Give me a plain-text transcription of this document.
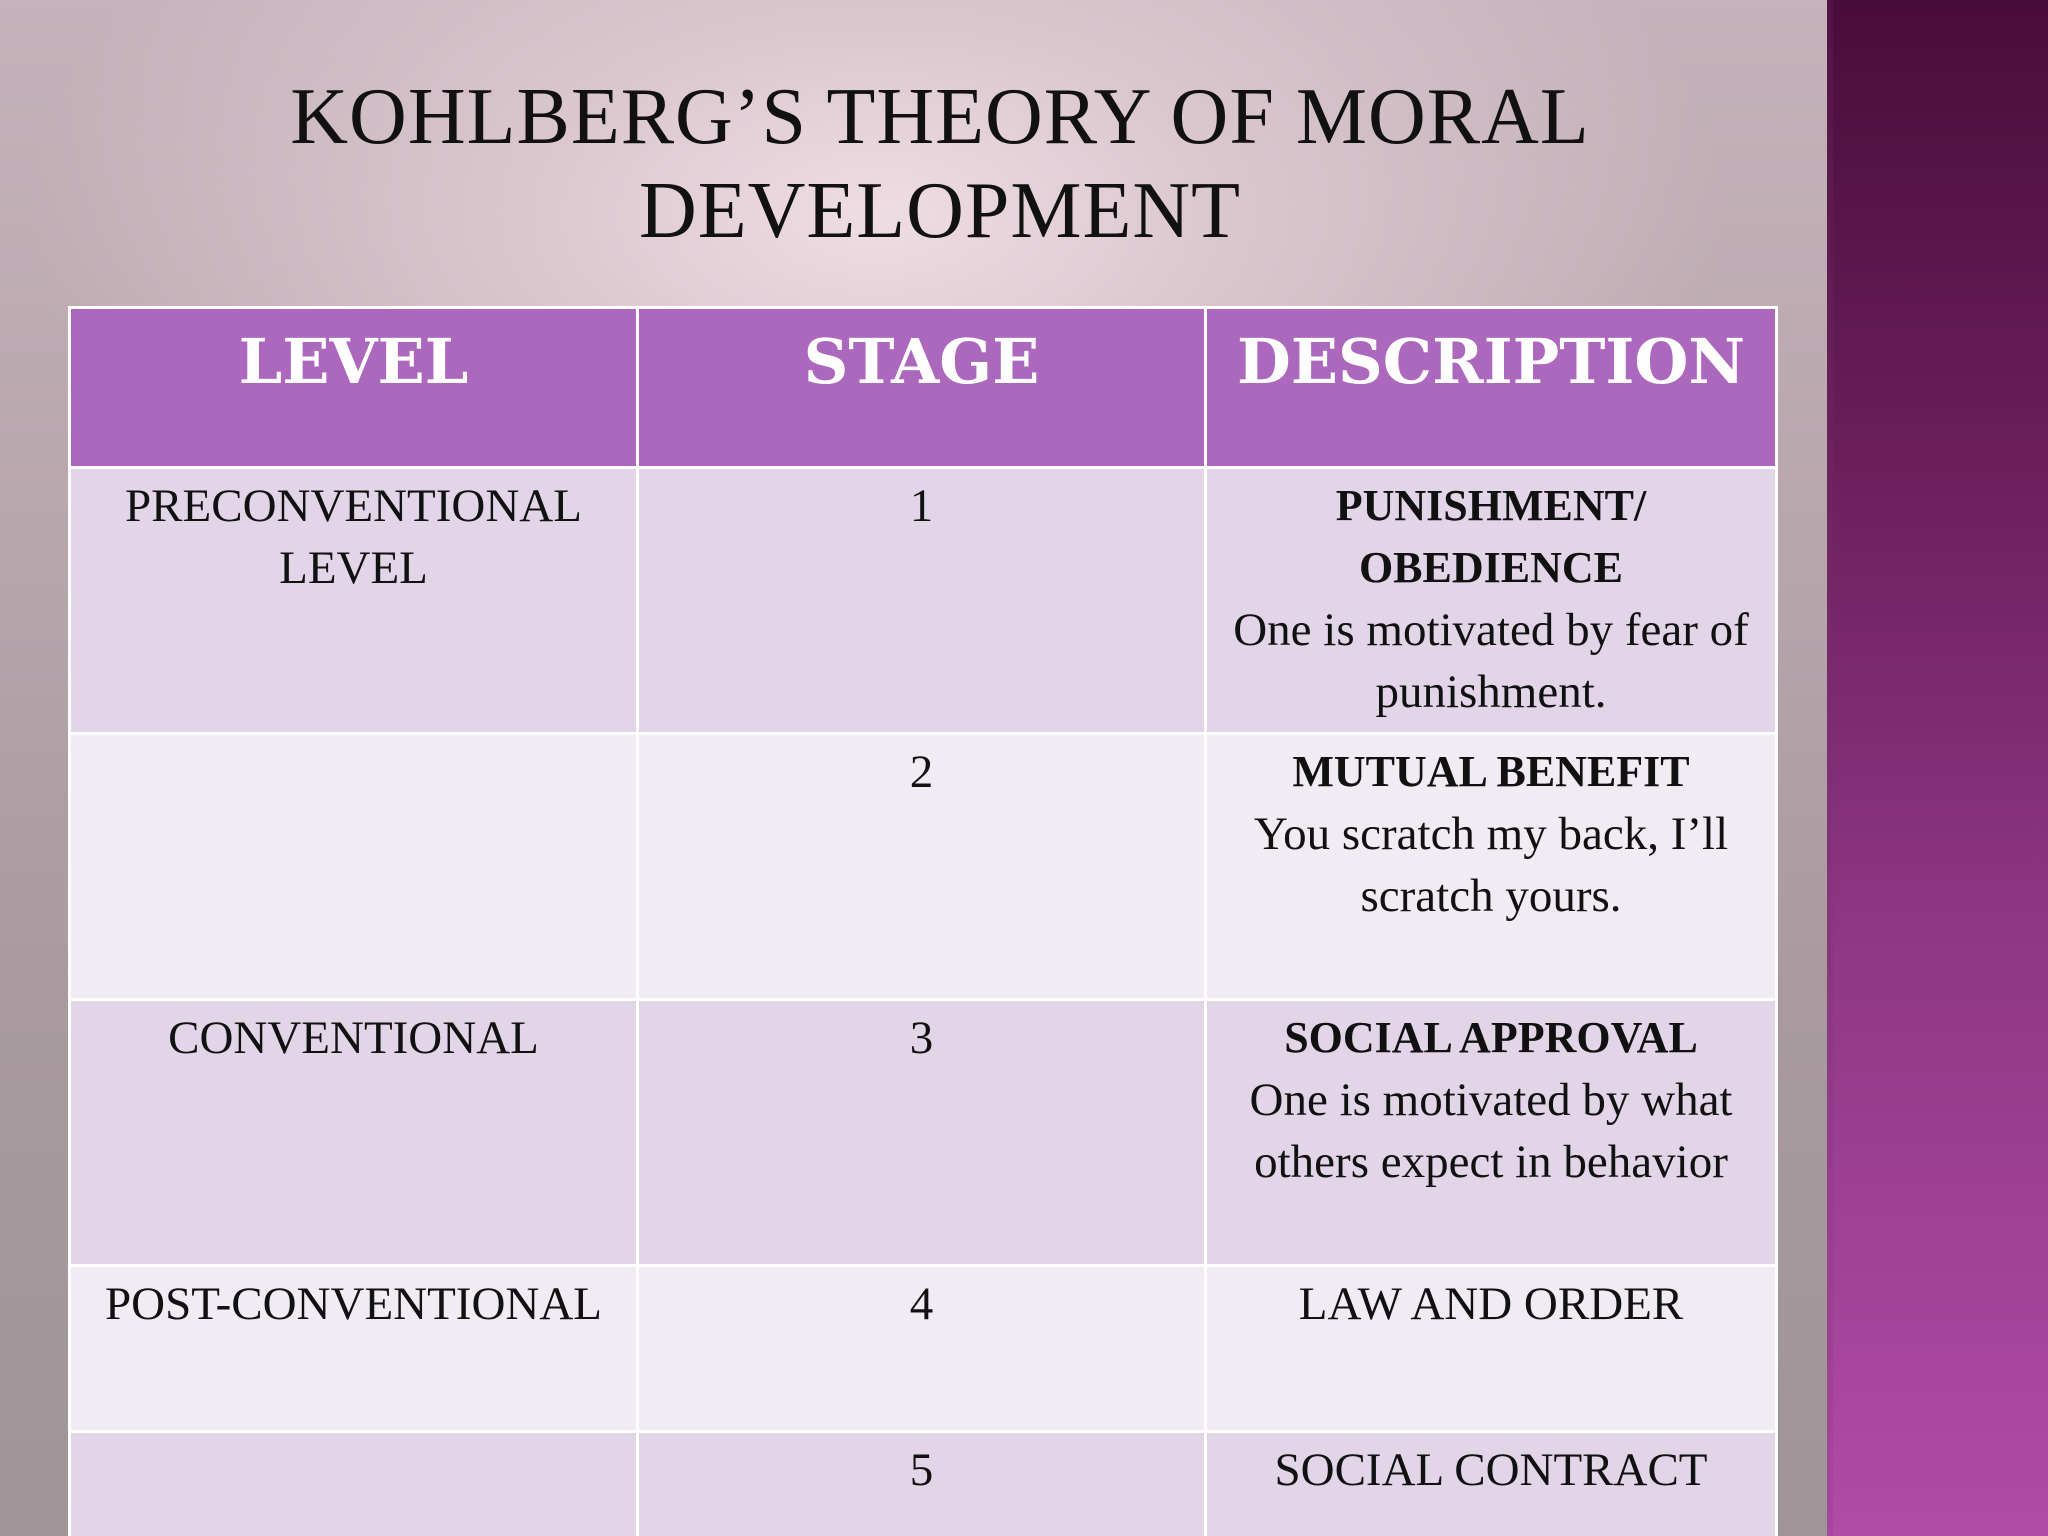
KOHLBERG’S THEORY OF MORAL DEVELOPMENT
LEVEL	STAGE	DESCRIPTION
PRECONVENTIONAL LEVEL	1	PUNISHMENT/ OBEDIENCE
One is motivated by fear of punishment.

	2	MUTUAL BENEFIT
You scratch my back, I’ll scratch yours.

CONVENTIONAL	3	SOCIAL APPROVAL
One is motivated by what others expect in behavior

POST-CONVENTIONAL	4	LAW AND ORDER
	5	SOCIAL CONTRACT
